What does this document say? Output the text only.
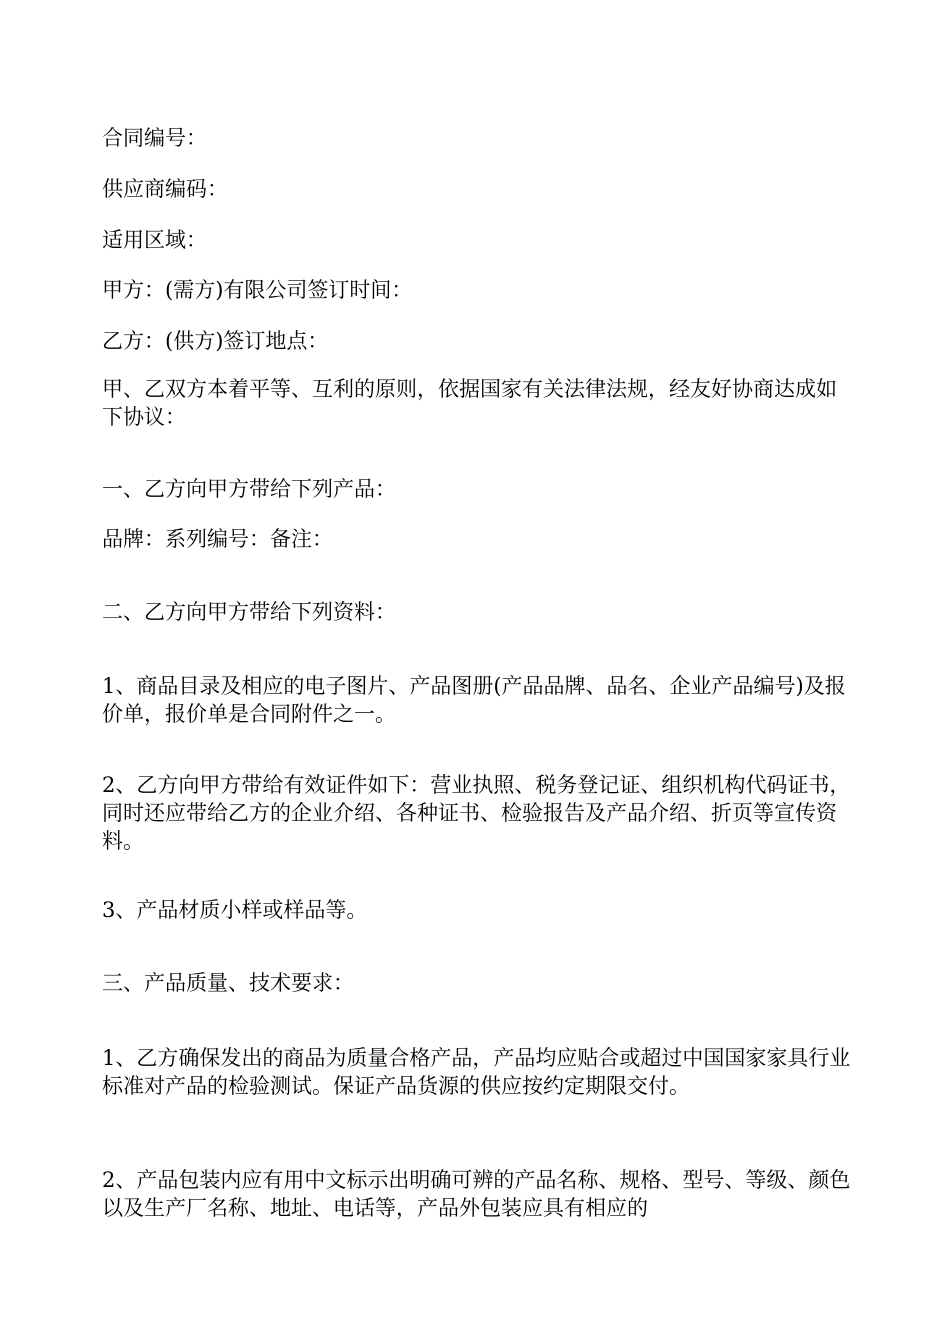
合同编号：
供应商编码：
适用区域：
甲方：(需方)有限公司签订时间：
乙方：(供方)签订地点：
甲、乙双方本着平等、互利的原则，依据国家有关法律法规，经友好协商达成如下协议：
一、乙方向甲方带给下列产品：
品牌：系列编号：备注：
二、乙方向甲方带给下列资料：
1、商品目录及相应的电子图片、产品图册(产品品牌、品名、企业产品编号)及报价单，报价单是合同附件之一。
2、乙方向甲方带给有效证件如下：营业执照、税务登记证、组织机构代码证书，同时还应带给乙方的企业介绍、各种证书、检验报告及产品介绍、折页等宣传资料。
3、产品材质小样或样品等。
三、产品质量、技术要求：
1、乙方确保发出的商品为质量合格产品，产品均应贴合或超过中国国家家具行业标准对产品的检验测试。保证产品货源的供应按约定期限交付。
2、产品包装内应有用中文标示出明确可辨的产品名称、规格、型号、等级、颜色以及生产厂名称、地址、电话等，产品外包装应具有相应的
